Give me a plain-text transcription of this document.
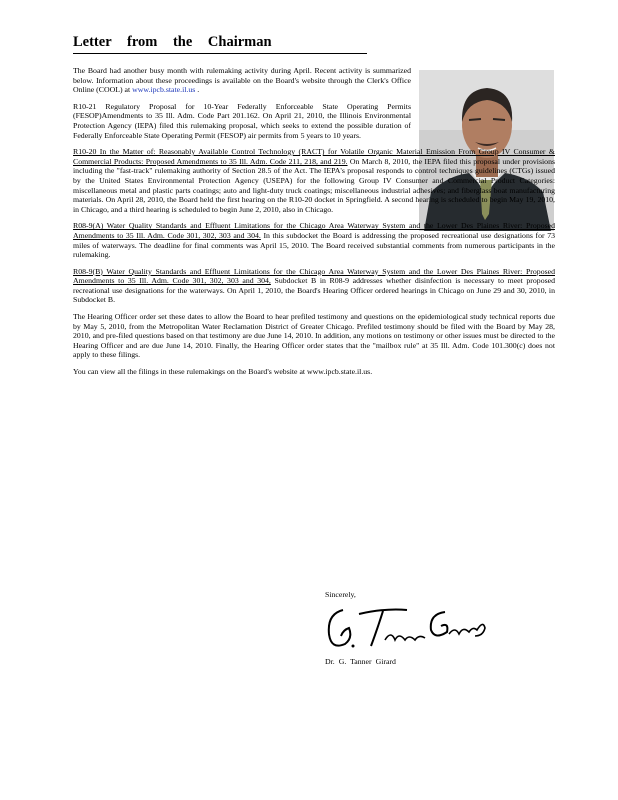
Letter from the Chairman

The Board had another busy month with rulemaking activity during April. Recent activity is summarized below. Information about these proceedings is available on the Board's website through the Clerk's Office Online (COOL) at www.ipcb.state.il.us .

R10-21 Regulatory Proposal for 10-Year Federally Enforceable State Operating Permits (FESOP)Amendments to 35 Ill. Adm. Code Part 201.162. On April 21, 2010, the Illinois Environmental Protection Agency (IEPA) filed this rulemaking proposal, which seeks to extend the possible duration of Federally Enforceable State Operating Permit (FESOP) air permits from 5 years to 10 years.

R10-20 In the Matter of: Reasonably Available Control Technology (RACT) for Volatile Organic Material Emission From Group IV Consumer & Commercial Products: Proposed Amendments to 35 Ill. Adm. Code 211, 218, and 219. On March 8, 2010, the IEPA filed this proposal under provisions including the "fast-track" rulemaking authority of Section 28.5 of the Act. The IEPA's proposal responds to control techniques guidelines (CTGs) issued by the United States Environmental Protection Agency (USEPA) for the following Group IV Consumer and Commercial Product Categories: miscellaneous metal and plastic parts coatings; auto and light-duty truck coatings; miscellaneous industrial adhesives; and fiberglass boat manufacturing materials. On April 28, 2010, the Board held the first hearing on the R10-20 docket in Springfield. A second hearing is scheduled to begin May 19, 2010, in Chicago, and a third hearing is scheduled to begin June 2, 2010, also in Chicago.

R08-9(A) Water Quality Standards and Effluent Limitations for the Chicago Area Waterway System and the Lower Des Plaines River: Proposed Amendments to 35 Ill. Adm. Code 301, 302, 303 and 304. In this subdocket the Board is addressing the proposed recreational use designations for 73 miles of waterways. The deadline for final comments was April 15, 2010. The Board received substantial comments from numerous participants in the rulemaking.

R08-9(B) Water Quality Standards and Effluent Limitations for the Chicago Area Waterway System and the Lower Des Plaines River: Proposed Amendments to 35 Ill. Adm. Code 301, 302, 303 and 304, Subdocket B in R08-9 addresses whether disinfection is necessary to meet proposed recreational use designations for the waterways. On April 1, 2010, the Board's Hearing Officer ordered hearings in Chicago on June 29 and 30, 2010, in Subdocket B.

The Hearing Officer order set these dates to allow the Board to hear prefiled testimony and questions on the epidemiological study technical reports due by May 5, 2010, from the Metropolitan Water Reclamation District of Greater Chicago. Prefiled testimony should be filed with the Board by May 28, 2010, and pre-filed questions based on that testimony are due June 14, 2010. In addition, any motions on testimony or other issues must be directed to the Hearing Officer and are due June 14, 2010. Finally, the Hearing Officer order states that the "mailbox rule" at 35 Ill. Adm. Code 101.300(c) does not apply to these filings.

You can view all the filings in these rulemakings on the Board's website at www.ipcb.state.il.us.

Sincerely,
Dr. G. Tanner Girard
